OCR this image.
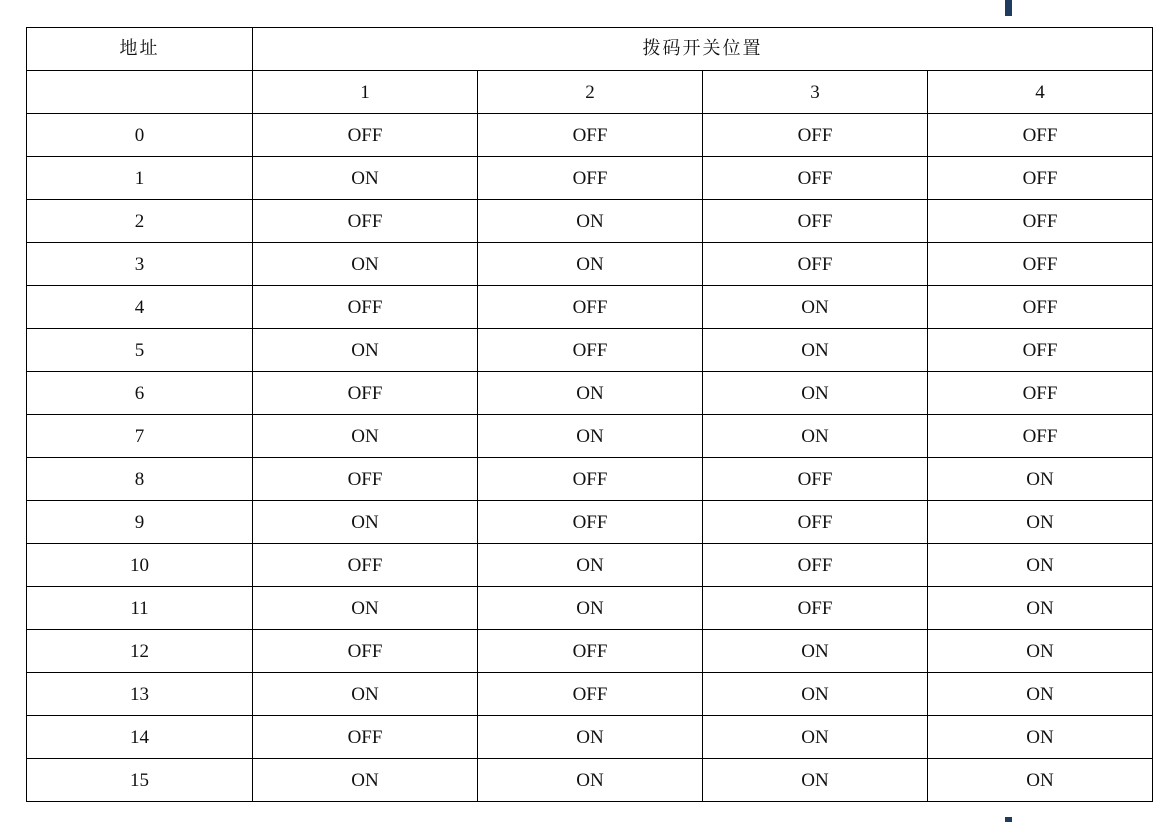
地址	拨码开关位置			
	1	2	3	4
0	OFF	OFF	OFF	OFF
1	ON	OFF	OFF	OFF
2	OFF	ON	OFF	OFF
3	ON	ON	OFF	OFF
4	OFF	OFF	ON	OFF
5	ON	OFF	ON	OFF
6	OFF	ON	ON	OFF
7	ON	ON	ON	OFF
8	OFF	OFF	OFF	ON
9	ON	OFF	OFF	ON
10	OFF	ON	OFF	ON
11	ON	ON	OFF	ON
12	OFF	OFF	ON	ON
13	ON	OFF	ON	ON
14	OFF	ON	ON	ON
15	ON	ON	ON	ON
